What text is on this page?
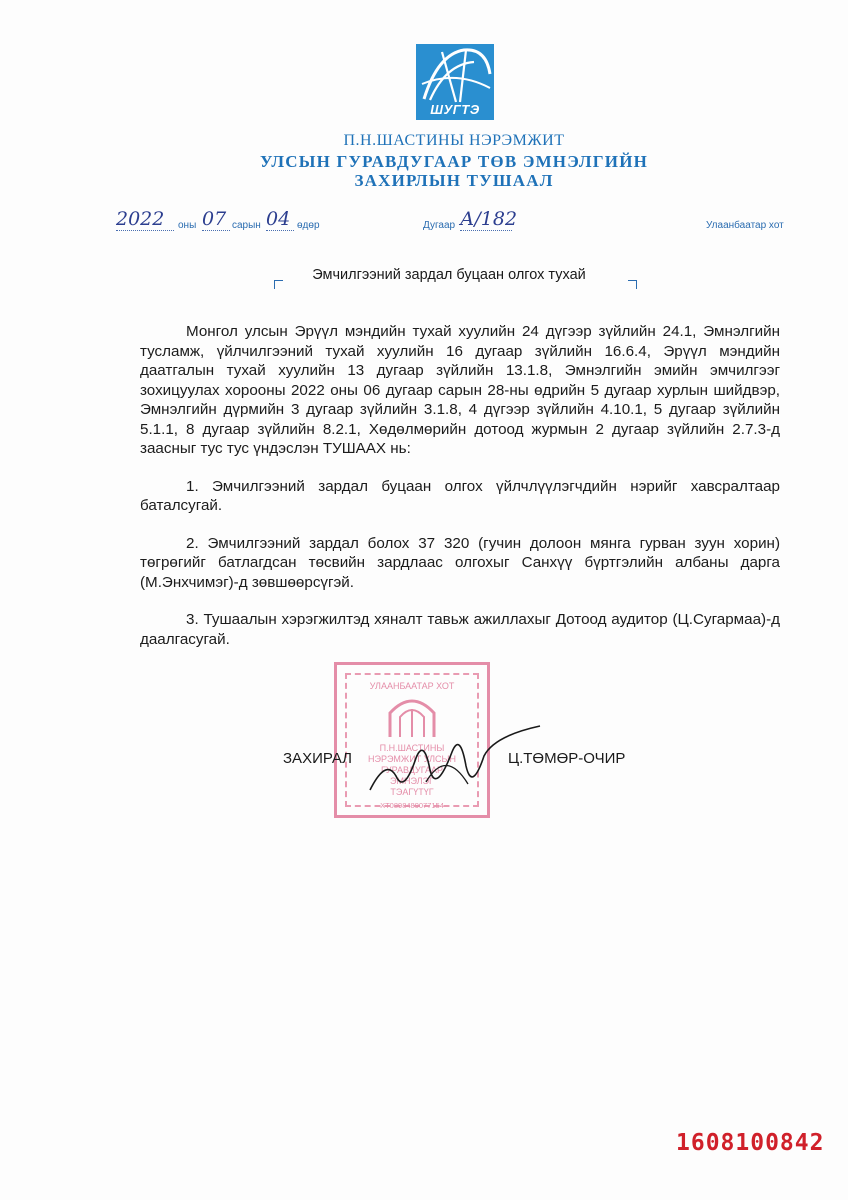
ШУГТЭ
П.Н.ШАСТИНЫ НЭРЭМЖИТ
УЛСЫН ГУРАВДУГААР ТӨВ ЭМНЭЛГИЙН
ЗАХИРЛЫН ТУШААЛ
2022	оны 07 сарын 04 өдөр	Дугаар А/182	Улаанбаатар хот
Эмчилгээний зардал буцаан олгох тухай

Монгол улсын Эрүүл мэндийн тухай хуулийн 24 дүгээр зүйлийн 24.1, Эмнэлгийн тусламж, үйлчилгээний тухай хуулийн 16 дугаар зүйлийн 16.6.4, Эрүүл мэндийн даатгалын тухай хуулийн 13 дугаар зүйлийн 13.1.8, Эмнэлгийн эмийн эмчилгээг зохицуулах хорооны 2022 оны 06 дугаар сарын 28-ны өдрийн 5 дугаар хурлын шийдвэр, Эмнэлгийн дүрмийн 3 дугаар зүйлийн 3.1.8, 4 дүгээр зүйлийн 4.10.1, 5 дугаар зүйлийн 5.1.1, 8 дугаар зүйлийн 8.2.1, Хөдөлмөрийн дотоод журмын 2 дугаар зүйлийн 2.7.3-д заасныг тус тус үндэслэн ТУШААХ нь:

1. Эмчилгээний зардал буцаан олгох үйлчлүүлэгчдийн нэрийг хавсралтаар баталсугай.

2. Эмчилгээний зардал болох 37 320 (гучин долоон мянга гурван зуун хорин) төгрөгийг батлагдсан төсвийн зардлаас олгохыг Санхүү бүртгэлийн албаны дарга (М.Энхчимэг)-д зөвшөөрсүгэй.

3. Тушаалын хэрэгжилтэд хяналт тавьж ажиллахыг Дотоод аудитор (Ц.Сугармаа)-д даалгасугай.

УЛААНБААТАР ХОТ
П.Н.ШАСТИНЫ
НЭРЭМЖИТ УЛСЫН
ГУРАВДУГААР
ЭМНЭЛЭГ
ТЭАГҮТҮГ
ХТ0898489077154
ЗАХИРАЛ	Ц.ТӨМӨР-ОЧИР
1608100842
